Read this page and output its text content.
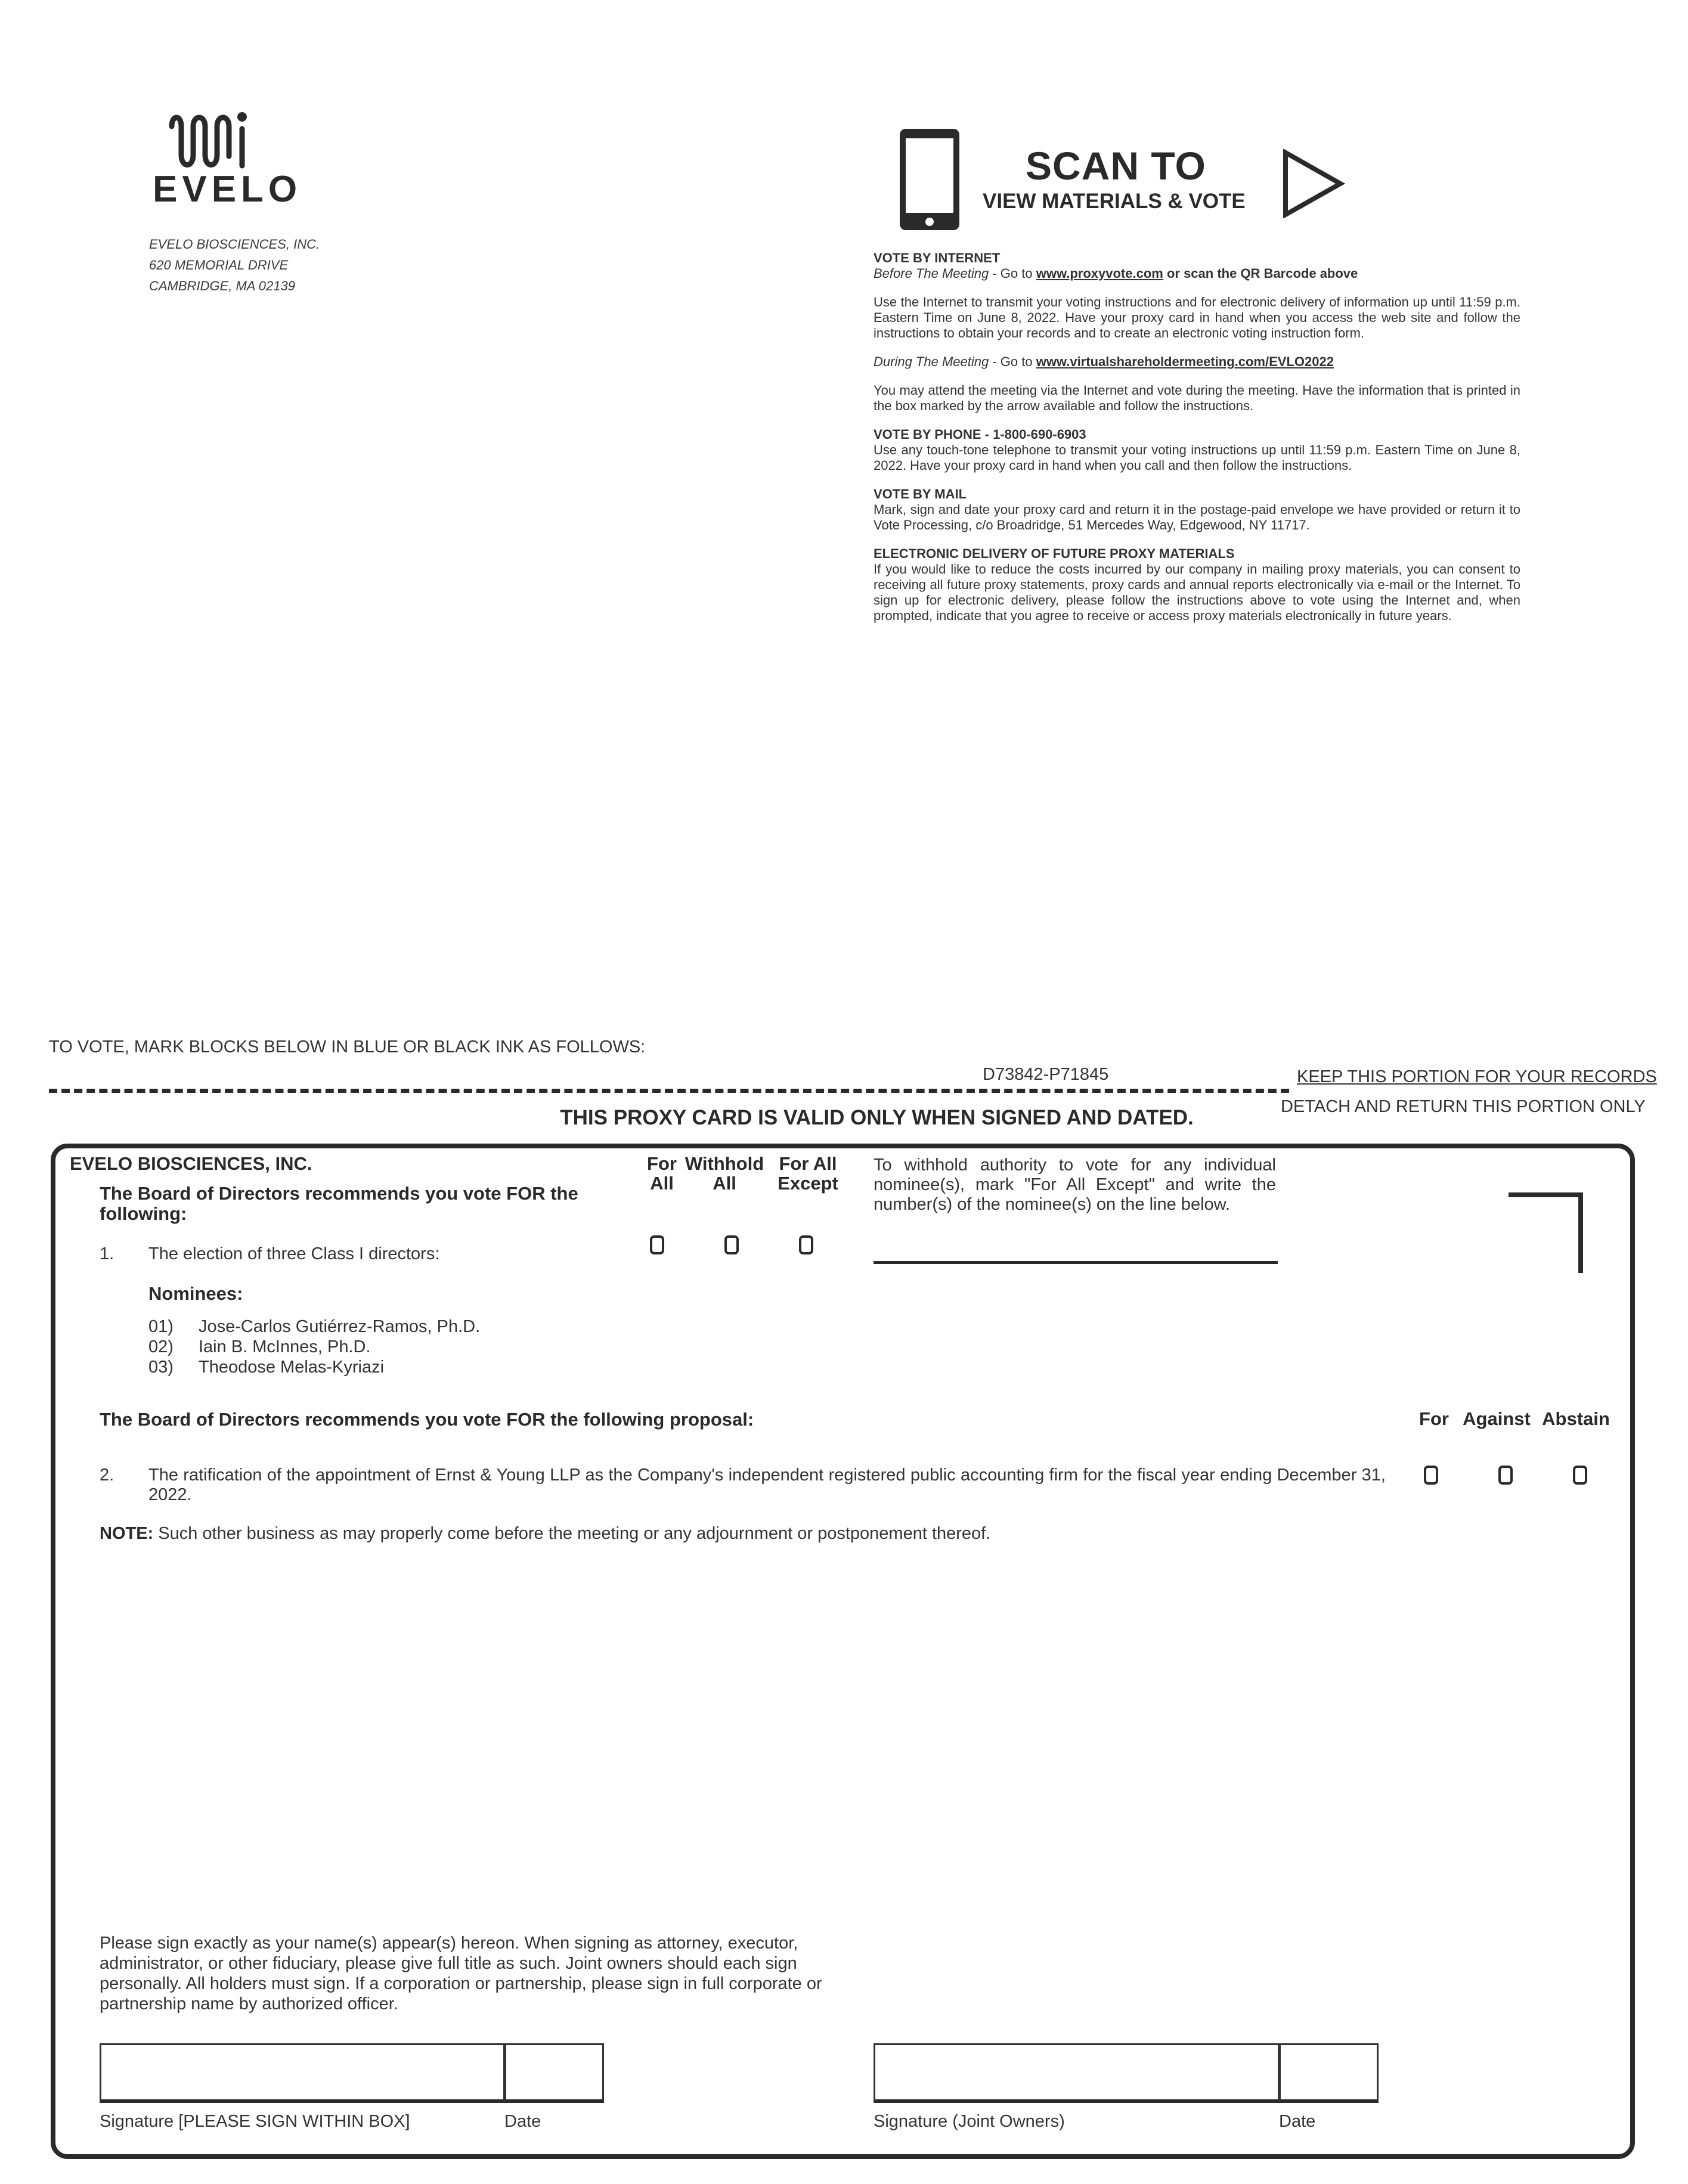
EVELO
EVELO BIOSCIENCES, INC.
620 MEMORIAL DRIVE
CAMBRIDGE, MA 02139
SCAN TO
VIEW MATERIALS & VOTE

VOTE BY INTERNET
Before The Meeting - Go to www.proxyvote.com or scan the QR Barcode above

Use the Internet to transmit your voting instructions and for electronic delivery of information up until 11:59 p.m. Eastern Time on June 8, 2022. Have your proxy card in hand when you access the web site and follow the instructions to obtain your records and to create an electronic voting instruction form.

During The Meeting - Go to www.virtualshareholdermeeting.com/EVLO2022

You may attend the meeting via the Internet and vote during the meeting. Have the information that is printed in the box marked by the arrow available and follow the instructions.

VOTE BY PHONE - 1-800-690-6903
Use any touch-tone telephone to transmit your voting instructions up until 11:59 p.m. Eastern Time on June 8, 2022. Have your proxy card in hand when you call and then follow the instructions.

VOTE BY MAIL
Mark, sign and date your proxy card and return it in the postage-paid envelope we have provided or return it to Vote Processing, c/o Broadridge, 51 Mercedes Way, Edgewood, NY 11717.

ELECTRONIC DELIVERY OF FUTURE PROXY MATERIALS
If you would like to reduce the costs incurred by our company in mailing proxy materials, you can consent to receiving all future proxy statements, proxy cards and annual reports electronically via e-mail or the Internet. To sign up for electronic delivery, please follow the instructions above to vote using the Internet and, when prompted, indicate that you agree to receive or access proxy materials electronically in future years.

TO VOTE, MARK BLOCKS BELOW IN BLUE OR BLACK INK AS FOLLOWS:
D73842-P71845	KEEP THIS PORTION FOR YOUR RECORDS
DETACH AND RETURN THIS PORTION ONLY
THIS PROXY CARD IS VALID ONLY WHEN SIGNED AND DATED.
EVELO BIOSCIENCES, INC.
The Board of Directors recommends you vote FOR the following:
For
All
Withhold
All
For All
Except
To withhold authority to vote for any individual nominee(s), mark "For All Except" and write the number(s) of the nominee(s) on the line below.
1. The election of three Class I directors:
Nominees:
01) Jose-Carlos Gutiérrez-Ramos, Ph.D.
02) Iain B. McInnes, Ph.D.
03) Theodose Melas-Kyriazi
The Board of Directors recommends you vote FOR the following proposal:	For Against Abstain
2. The ratification of the appointment of Ernst & Young LLP as the Company's independent registered public accounting firm for the fiscal year ending December 31, 2022.
NOTE: Such other business as may properly come before the meeting or any adjournment or postponement thereof.
Please sign exactly as your name(s) appear(s) hereon. When signing as attorney, executor, administrator, or other fiduciary, please give full title as such. Joint owners should each sign personally. All holders must sign. If a corporation or partnership, please sign in full corporate or partnership name by authorized officer.
Signature [PLEASE SIGN WITHIN BOX]	Date	Signature (Joint Owners)	Date
